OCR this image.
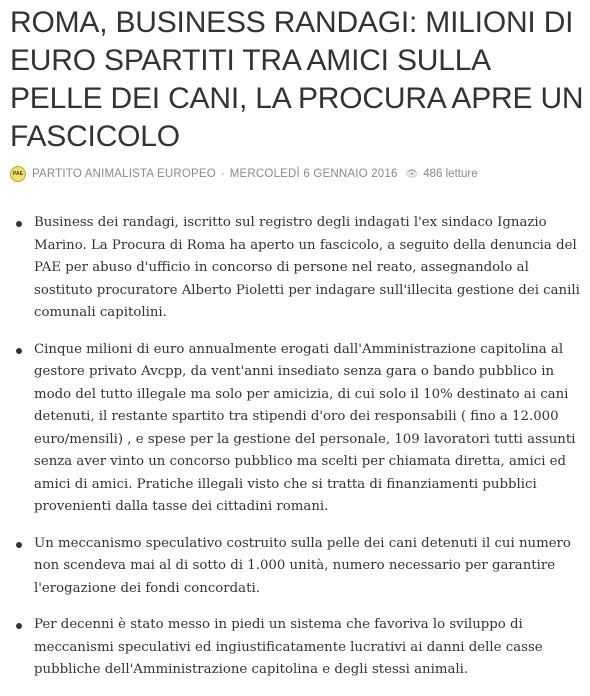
ROMA, BUSINESS RANDAGI: MILIONI DI EURO SPARTITI TRA AMICI SULLA PELLE DEI CANI, LA PROCURA APRE UN FASCICOLO
PAE PARTITO ANIMALISTA EUROPEO · MERCOLEDÌ 6 GENNAIO 2016 👁 486 letture
Business dei randagi, iscritto sul registro degli indagati l'ex sindaco Ignazio Marino. La Procura di Roma ha aperto un fascicolo, a seguito della denuncia del PAE per abuso d'ufficio in concorso di persone nel reato, assegnandolo al sostituto procuratore Alberto Pioletti per indagare sull'illecita gestione dei canili comunali capitolini.
Cinque milioni di euro annualmente erogati dall'Amministrazione capitolina al gestore privato Avcpp, da vent'anni insediato senza gara o bando pubblico in modo del tutto illegale ma solo per amicizia, di cui solo il 10% destinato ai cani detenuti, il restante spartito tra stipendi d'oro dei responsabili ( fino a 12.000 euro/mensili) , e spese per la gestione del personale, 109 lavoratori tutti assunti senza aver vinto un concorso pubblico ma scelti per chiamata diretta, amici ed amici di amici. Pratiche illegali visto che si tratta di finanziamenti pubblici provenienti dalla tasse dei cittadini romani.
Un meccanismo speculativo costruito sulla pelle dei cani detenuti il cui numero non scendeva mai al di sotto di 1.000 unità, numero necessario per garantire l'erogazione dei fondi concordati.
Per decenni è stato messo in piedi un sistema che favoriva lo sviluppo di meccanismi speculativi ed ingiustificatamente lucrativi ai danni delle casse pubbliche dell'Amministrazione capitolina e degli stessi animali.
